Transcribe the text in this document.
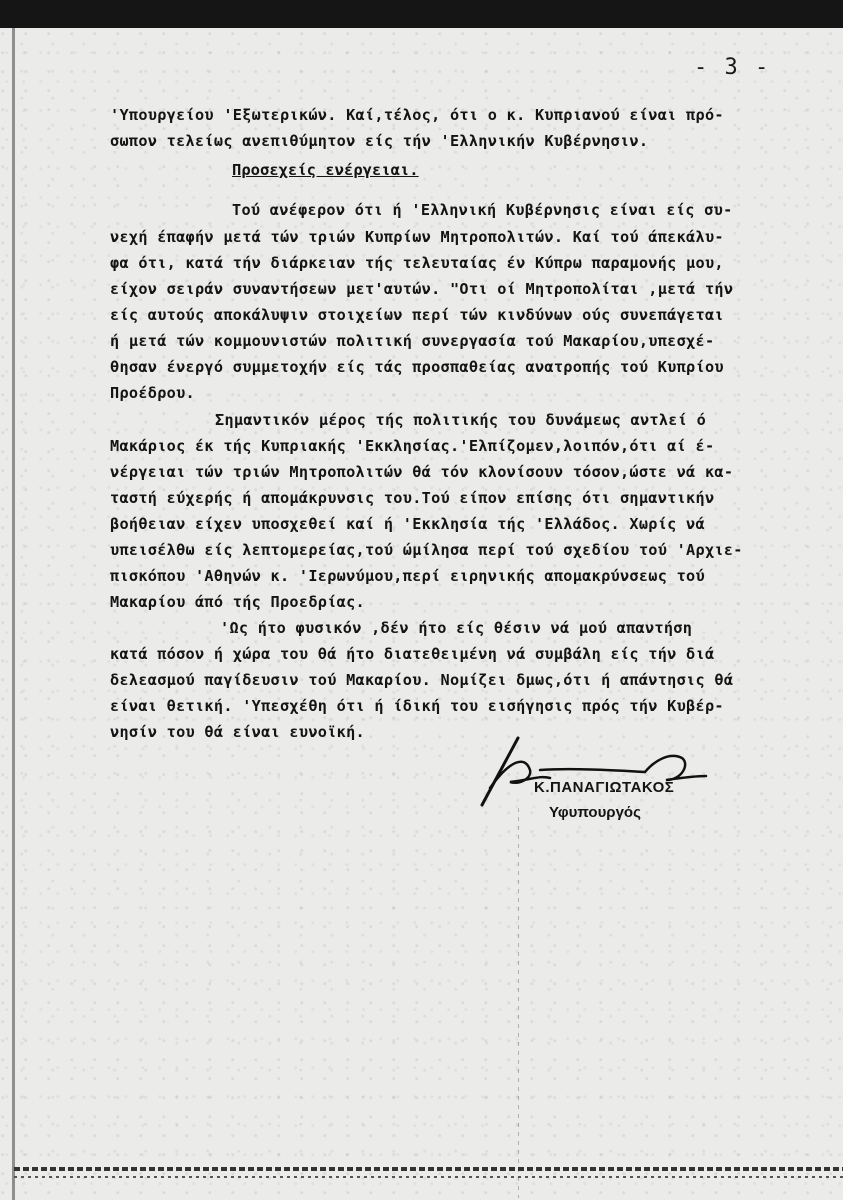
- 3 -
'Υπουργείου 'Εξωτερικών. Καί,τέλος, ότι ο κ. Κυπριανού είναι πρό-
σωπον τελείως ανεπιθύμητον είς τήν 'Ελληνικήν Κυβέρνησιν.
Προσεχείς ενέργειαι.
Τού ανέφερον ότι ή 'Ελληνική Κυβέρνησις είναι είς συ-
νεχή έπαφήν μετά τών τριών Κυπρίων Μητροπολιτών. Καί τού άπεκάλυ-
φα ότι, κατά τήν διάρκειαν τής τελευταίας έν Κύπρω παραμονής μου,
είχον σειράν συναντήσεων μετ'αυτών. "Οτι οί Μητροπολίται ,μετά τήν
είς αυτούς αποκάλυψιν στοιχείων περί τών κινδύνων ούς συνεπάγεται
ή μετά τών κομμουνιστών πολιτική συνεργασία τού Μακαρίου,υπεσχέ-
θησαν ένεργό συμμετοχήν είς τάς προσπαθείας ανατροπής τού Κυπρίου
Προέδρου.
Σημαντικόν μέρος τής πολιτικής του δυνάμεως αντλεί ό
Μακάριος έκ τής Κυπριακής 'Εκκλησίας.'Ελπίζομεν,λοιπόν,ότι αί έ-
νέργειαι τών τριών Μητροπολιτών θά τόν κλονίσουν τόσον,ώστε νά κα-
ταστή εύχερής ή απομάκρυνσις του.Τού είπον επίσης ότι σημαντικήν
βοήθειαν είχεν υποσχεθεί καί ή 'Εκκλησία τής 'Ελλάδος. Χωρίς νά
υπεισέλθω είς λεπτομερείας,τού ώμίλησα περί τού σχεδίου τού 'Αρχιε-
πισκόπου 'Αθηνών κ. 'Ιερωνύμου,περί ειρηνικής απομακρύνσεως τού
Μακαρίου άπό τής Προεδρίας.
'Ως ήτο φυσικόν ,δέν ήτο είς θέσιν νά μού απαντήση
κατά πόσον ή χώρα του θά ήτο διατεθειμένη νά συμβάλη είς τήν διά
δελεασμού παγίδευσιν τού Μακαρίου. Νομίζει δμως,ότι ή απάντησις θά
είναι θετική. 'Υπεσχέθη ότι ή ίδική του εισήγησις πρός τήν Κυβέρ-
νησίν του θά είναι ευνοϊκή.
Κ.ΠΑΝΑΓΙΩΤΑΚΟΣ
Υφυπουργός
